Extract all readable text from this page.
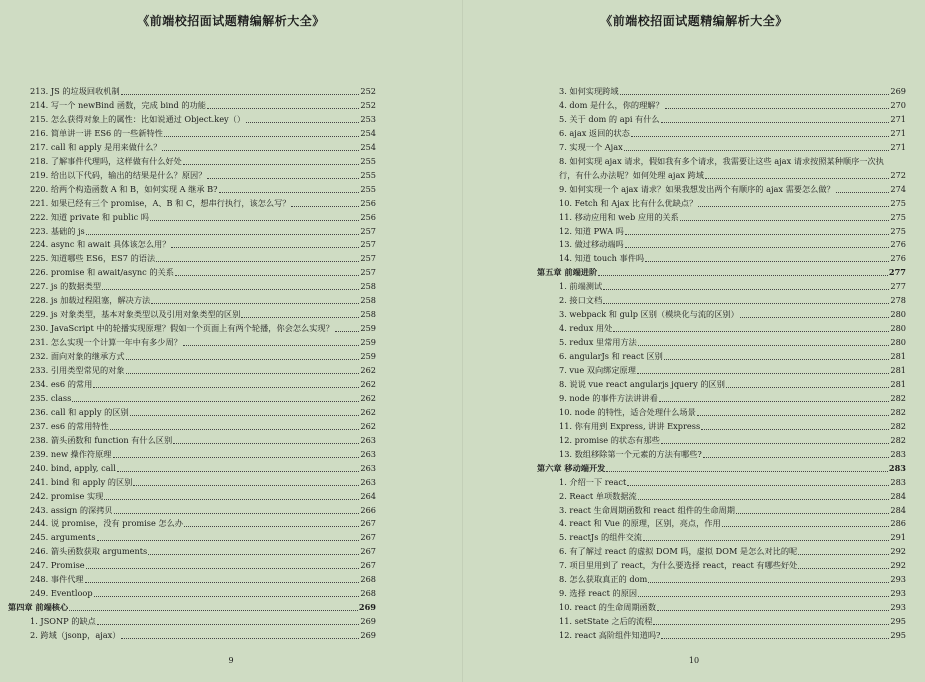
《前端校招面试题精编解析大全》
213. JS 的垃圾回收机制	252
214. 写一个 newBind 函数，完成 bind 的功能	252
215. 怎么获得对象上的属性：比如说通过 Object.key（）	253
216. 简单讲一讲 ES6 的一些新特性	254
217. call 和 apply 是用来做什么？	254
218. 了解事件代理吗，这样做有什么好处	255
219. 给出以下代码，输出的结果是什么？原因？	255
220. 给两个构造函数 A 和 B，如何实现 A 继承 B?	255
221. 如果已经有三个 promise，A、B 和 C，想串行执行，该怎么写？	256
222. 知道 private 和 public 吗	256
223. 基础的 js	257
224. async 和 await 具体该怎么用？	257
225. 知道哪些 ES6，ES7 的语法	257
226. promise 和 await/async 的关系	257
227. js 的数据类型	258
228. js 加载过程阻塞，解决方法	258
229. js 对象类型，基本对象类型以及引用对象类型的区别	258
230. JavaScript 中的轮播实现原理？假如一个页面上有两个轮播，你会怎么实现？	259
231. 怎么实现一个计算一年中有多少周？	259
232. 面向对象的继承方式	259
233. 引用类型常见的对象	262
234. es6 的常用	262
235. class	262
236. call 和 apply 的区别	262
237. es6 的常用特性	262
238. 箭头函数和 function 有什么区别	263
239. new 操作符原理	263
240. bind, apply, call	263
241. bind 和 apply 的区别	263
242. promise 实现	264
243. assign 的深拷贝	266
244. 说 promise，没有 promise 怎么办	267
245. arguments	267
246. 箭头函数获取 arguments	267
247. Promise	267
248. 事件代理	268
249. Eventloop	268
第四章 前端核心	269
1. JSONP 的缺点	269
2. 跨域（jsonp，ajax）	269
9
《前端校招面试题精编解析大全》
3. 如何实现跨域	269
4. dom 是什么，你的理解？	270
5. 关于 dom 的 api 有什么	271
6. ajax 返回的状态	271
7. 实现一个 Ajax	271
8. 如何实现 ajax 请求，假如我有多个请求，我需要让这些 ajax 请求按照某种顺序一次执
行，有什么办法呢？如何处理 ajax 跨域	272
9. 如何实现一个 ajax 请求？如果我想发出两个有顺序的 ajax 需要怎么做？	274
10. Fetch 和 Ajax 比有什么优缺点？	275
11. 移动应用和 web 应用的关系	275
12. 知道 PWA 吗	275
13. 做过移动端吗	276
14. 知道 touch 事件吗	276
第五章 前端进阶	277
1. 前端测试	277
2. 接口文档	278
3. webpack 和 gulp 区别（模块化与流的区别）	280
4. redux 用处	280
5. redux 里常用方法	280
6. angularJs 和 react 区别	281
7. vue 双向绑定原理	281
8. 说说 vue react angularjs jquery 的区别	281
9. node 的事件方法讲讲看	282
10. node 的特性，适合处理什么场景	282
11. 你有用到 Express, 讲讲 Express	282
12. promise 的状态有那些	282
13. 数组移除第一个元素的方法有哪些?	283
第六章 移动端开发	283
1. 介绍一下 react	283
2. React 单项数据流	284
3. react 生命周期函数和 react 组件的生命周期	284
4. react 和 Vue 的原理，区别，亮点，作用	286
5. reactJs 的组件交流	291
6. 有了解过 react 的虚拟 DOM 吗，虚拟 DOM 是怎么对比的呢	292
7. 项目里用到了 react，为什么要选择 react，react 有哪些好处	292
8. 怎么获取真正的 dom	293
9. 选择 react 的原因	293
10. react 的生命周期函数	293
11. setState 之后的流程	295
12. react 高阶组件知道吗?	295
10
